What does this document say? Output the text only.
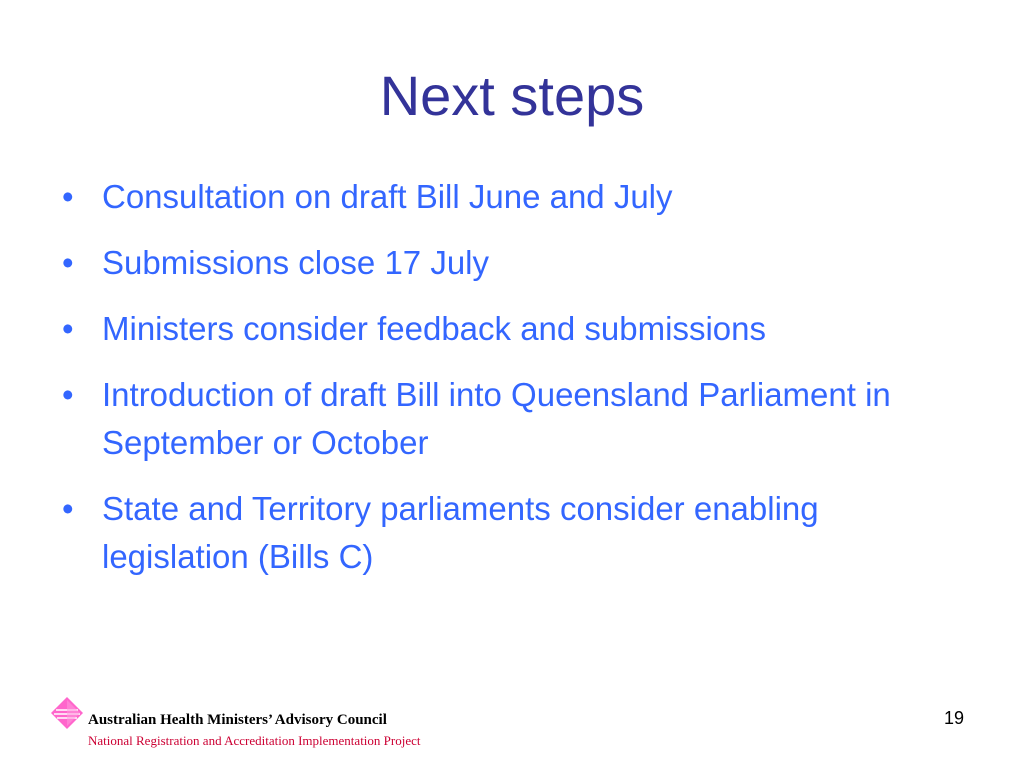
Next steps
• Consultation on draft Bill June and July
• Submissions close 17 July
• Ministers consider feedback and submissions
• Introduction of draft Bill into Queensland Parliament in September or October
• State and Territory parliaments consider enabling legislation (Bills C)
Australian Health Ministers’ Advisory Council
National Registration and Accreditation Implementation Project
19
